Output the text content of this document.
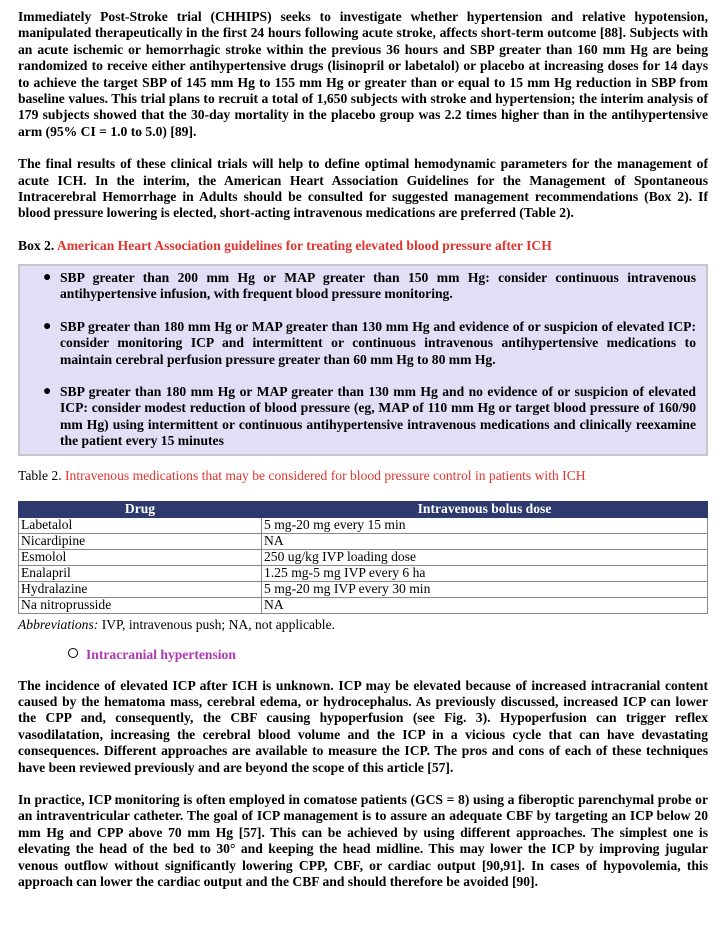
Immediately Post-Stroke trial (CHHIPS) seeks to investigate whether hypertension and relative hypotension, manipulated therapeutically in the first 24 hours following acute stroke, affects short-term outcome [88]. Subjects with an acute ischemic or hemorrhagic stroke within the previous 36 hours and SBP greater than 160 mm Hg are being randomized to receive either antihypertensive drugs (lisinopril or labetalol) or placebo at increasing doses for 14 days to achieve the target SBP of 145 mm Hg to 155 mm Hg or greater than or equal to 15 mm Hg reduction in SBP from baseline values. This trial plans to recruit a total of 1,650 subjects with stroke and hypertension; the interim analysis of 179 subjects showed that the 30-day mortality in the placebo group was 2.2 times higher than in the antihypertensive arm (95% CI = 1.0 to 5.0) [89].

The final results of these clinical trials will help to define optimal hemodynamic parameters for the management of acute ICH. In the interim, the American Heart Association Guidelines for the Management of Spontaneous Intracerebral Hemorrhage in Adults should be consulted for suggested management recommendations (Box 2). If blood pressure lowering is elected, short-acting intravenous medications are preferred (Table 2).

Box 2. American Heart Association guidelines for treating elevated blood pressure after ICH

● SBP greater than 200 mm Hg or MAP greater than 150 mm Hg: consider continuous intravenous antihypertensive infusion, with frequent blood pressure monitoring.
● SBP greater than 180 mm Hg or MAP greater than 130 mm Hg and evidence of or suspicion of elevated ICP: consider monitoring ICP and intermittent or continuous intravenous antihypertensive medications to maintain cerebral perfusion pressure greater than 60 mm Hg to 80 mm Hg.
● SBP greater than 180 mm Hg or MAP greater than 130 mm Hg and no evidence of or suspicion of elevated ICP: consider modest reduction of blood pressure (eg, MAP of 110 mm Hg or target blood pressure of 160/90 mm Hg) using intermittent or continuous antihypertensive intravenous medications and clinically reexamine the patient every 15 minutes

Table 2. Intravenous medications that may be considered for blood pressure control in patients with ICH

Drug	Intravenous bolus dose
Labetalol	5 mg-20 mg every 15 min
Nicardipine	NA
Esmolol	250 ug/kg IVP loading dose
Enalapril	1.25 mg-5 mg IVP every 6 ha
Hydralazine	5 mg-20 mg IVP every 30 min
Na nitroprusside	NA

Abbreviations: IVP, intravenous push; NA, not applicable.

Intracranial hypertension

The incidence of elevated ICP after ICH is unknown. ICP may be elevated because of increased intracranial content caused by the hematoma mass, cerebral edema, or hydrocephalus. As previously discussed, increased ICP can lower the CPP and, consequently, the CBF causing hypoperfusion (see Fig. 3). Hypoperfusion can trigger reflex vasodilatation, increasing the cerebral blood volume and the ICP in a vicious cycle that can have devastating consequences. Different approaches are available to measure the ICP. The pros and cons of each of these techniques have been reviewed previously and are beyond the scope of this article [57].

In practice, ICP monitoring is often employed in comatose patients (GCS = 8) using a fiberoptic parenchymal probe or an intraventricular catheter. The goal of ICP management is to assure an adequate CBF by targeting an ICP below 20 mm Hg and CPP above 70 mm Hg [57]. This can be achieved by using different approaches. The simplest one is elevating the head of the bed to 30° and keeping the head midline. This may lower the ICP by improving jugular venous outflow without significantly lowering CPP, CBF, or cardiac output [90,91]. In cases of hypovolemia, this approach can lower the cardiac output and the CBF and should therefore be avoided [90].
